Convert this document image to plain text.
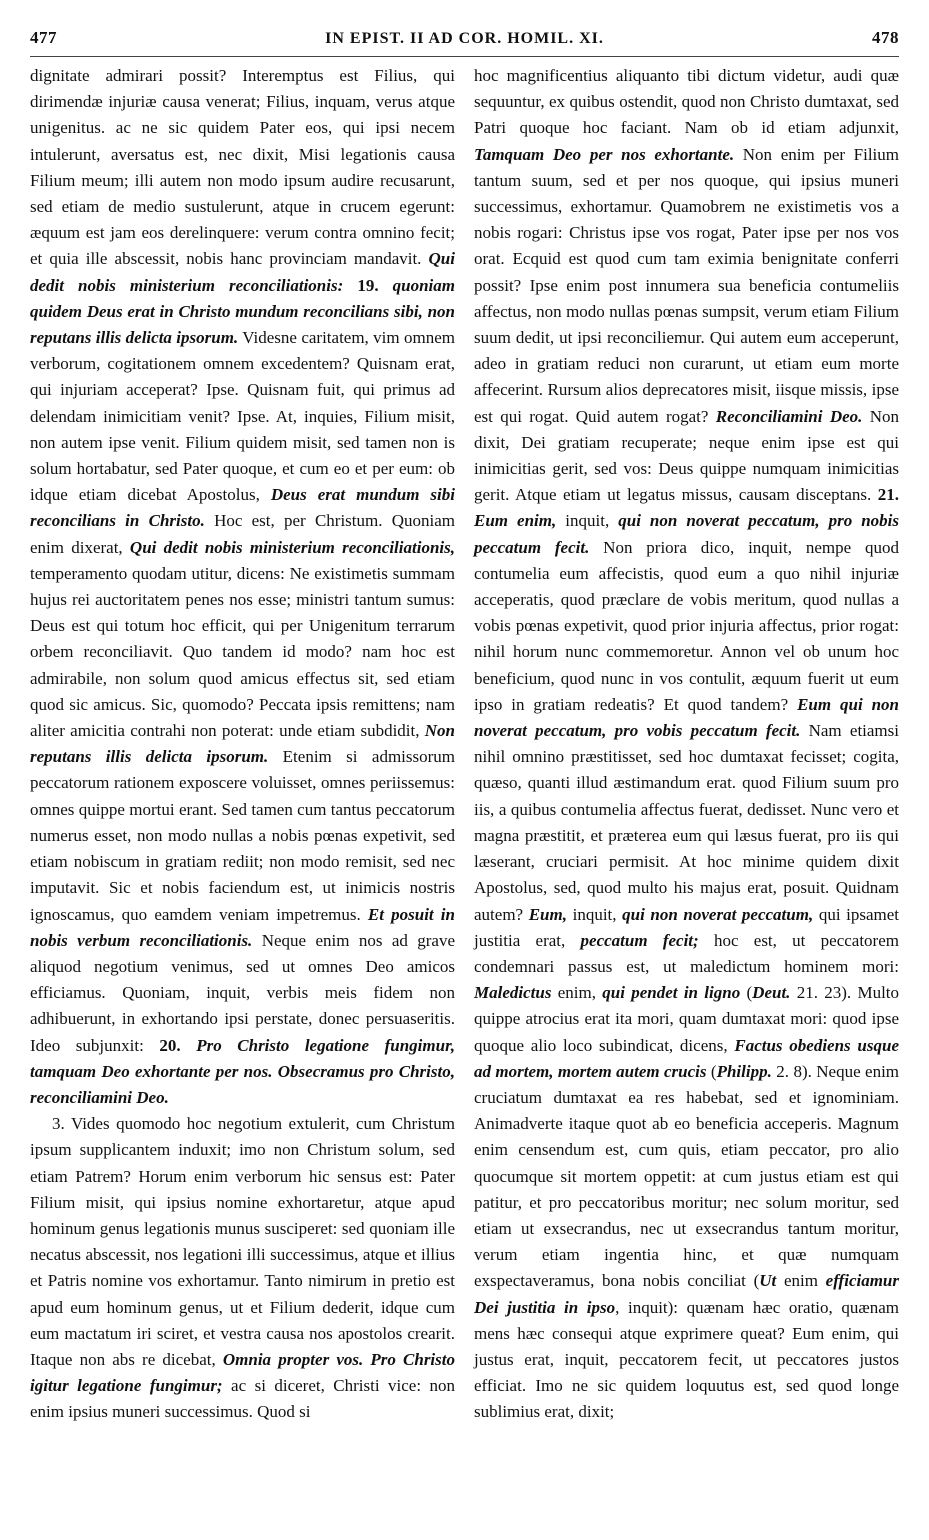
477	IN EPIST. II AD COR. HOMIL. XI.	478

dignitate admirari possit? Interemptus est Filius, qui dirimendæ injuriæ causa venerat; Filius, inquam, verus atque unigenitus. ac ne sic quidem Pater eos, qui ipsi necem intulerunt, aversatus est, nec dixit, Misi legationis causa Filium meum; illi autem non modo ipsum audire recusarunt, sed etiam de medio sustulerunt, atque in crucem egerunt: æquum est jam eos derelinquere: verum contra omnino fecit; et quia ille abscessit, nobis hanc provinciam mandavit. Qui dedit nobis ministerium reconciliationis: 19. quoniam quidem Deus erat in Christo mundum reconcilians sibi, non reputans illis delicta ipsorum. Videsne caritatem, vim omnem verborum, cogitationem omnem excedentem? Quisnam erat, qui injuriam acceperat? Ipse. Quisnam fuit, qui primus ad delendam inimicitiam venit? Ipse. At, inquies, Filium misit, non autem ipse venit. Filium quidem misit, sed tamen non is solum hortabatur, sed Pater quoque, et cum eo et per eum: ob idque etiam dicebat Apostolus, Deus erat mundum sibi reconcilians in Christo. Hoc est, per Christum. Quoniam enim dixerat, Qui dedit nobis ministerium reconciliationis, temperamento quodam utitur, dicens: Ne existimetis summam hujus rei auctoritatem penes nos esse; ministri tantum sumus: Deus est qui totum hoc efficit, qui per Unigenitum terrarum orbem reconciliavit. Quo tandem id modo? nam hoc est admirabile, non solum quod amicus effectus sit, sed etiam quod sic amicus. Sic, quomodo? Peccata ipsis remittens; nam aliter amicitia contrahi non poterat: unde etiam subdidit, Non reputans illis delicta ipsorum. Etenim si admissorum peccatorum rationem exposcere voluisset, omnes periissemus: omnes quippe mortui erant. Sed tamen cum tantus peccatorum numerus esset, non modo nullas a nobis pœnas expetivit, sed etiam nobiscum in gratiam rediit; non modo remisit, sed nec imputavit. Sic et nobis faciendum est, ut inimicis nostris ignoscamus, quo eamdem veniam impetremus. Et posuit in nobis verbum reconciliationis. Neque enim nos ad grave aliquod negotium venimus, sed ut omnes Deo amicos efficiamus. Quoniam, inquit, verbis meis fidem non adhibuerunt, in exhortando ipsi perstate, donec persuaseritis. Ideo subjunxit: 20. Pro Christo legatione fungimur, tamquam Deo exhortante per nos. Obsecramus pro Christo, reconciliamini Deo.

3. Vides quomodo hoc negotium extulerit, cum Christum ipsum supplicantem induxit; imo non Christum solum, sed etiam Patrem? Horum enim verborum hic sensus est: Pater Filium misit, qui ipsius nomine exhortaretur, atque apud hominum genus legationis munus susciperet: sed quoniam ille necatus abscessit, nos legationi illi successimus, atque et illius et Patris nomine vos exhortamur. Tanto nimirum in pretio est apud eum hominum genus, ut et Filium dederit, idque cum eum mactatum iri sciret, et vestra causa nos apostolos crearit. Itaque non abs re dicebat, Omnia propter vos. Pro Christo igitur legatione fungimur; ac si diceret, Christi vice: non enim ipsius muneri successimus. Quod si

hoc magnificentius aliquanto tibi dictum videtur, audi quæ sequuntur, ex quibus ostendit, quod non Christo dumtaxat, sed Patri quoque hoc faciant. Nam ob id etiam adjunxit, Tamquam Deo per nos exhortante. Non enim per Filium tantum suum, sed et per nos quoque, qui ipsius muneri successimus, exhortamur. Quamobrem ne existimetis vos a nobis rogari: Christus ipse vos rogat, Pater ipse per nos vos orat. Ecquid est quod cum tam eximia benignitate conferri possit? Ipse enim post innumera sua beneficia contumeliis affectus, non modo nullas pœnas sumpsit, verum etiam Filium suum dedit, ut ipsi reconciliemur. Qui autem eum acceperunt, adeo in gratiam reduci non curarunt, ut etiam eum morte affecerint. Rursum alios deprecatores misit, iisque missis, ipse est qui rogat. Quid autem rogat? Reconciliamini Deo. Non dixit, Dei gratiam recuperate; neque enim ipse est qui inimicitias gerit, sed vos: Deus quippe numquam inimicitias gerit. Atque etiam ut legatus missus, causam disceptans. 21. Eum enim, inquit, qui non noverat peccatum, pro nobis peccatum fecit. Non priora dico, inquit, nempe quod contumelia eum affecistis, quod eum a quo nihil injuriæ acceperatis, quod præclare de vobis meritum, quod nullas a vobis pœnas expetivit, quod prior injuria affectus, prior rogat: nihil horum nunc commemoretur. Annon vel ob unum hoc beneficium, quod nunc in vos contulit, æquum fuerit ut eum ipso in gratiam redeatis? Et quod tandem? Eum qui non noverat peccatum, pro vobis peccatum fecit. Nam etiamsi nihil omnino præstitisset, sed hoc dumtaxat fecisset; cogita, quæso, quanti illud æstimandum erat. quod Filium suum pro iis, a quibus contumelia affectus fuerat, dedisset. Nunc vero et magna præstitit, et præterea eum qui læsus fuerat, pro iis qui læserant, cruciari permisit. At hoc minime quidem dixit Apostolus, sed, quod multo his majus erat, posuit. Quidnam autem? Eum, inquit, qui non noverat peccatum, qui ipsamet justitia erat, peccatum fecit; hoc est, ut peccatorem condemnari passus est, ut maledictum hominem mori: Maledictus enim, qui pendet in ligno (Deut. 21. 23). Multo quippe atrocius erat ita mori, quam dumtaxat mori: quod ipse quoque alio loco subindicat, dicens, Factus obediens usque ad mortem, mortem autem crucis (Philipp. 2. 8). Neque enim cruciatum dumtaxat ea res habebat, sed et ignominiam. Animadverte itaque quot ab eo beneficia acceperis. Magnum enim censendum est, cum quis, etiam peccator, pro alio quocumque sit mortem oppetit: at cum justus etiam est qui patitur, et pro peccatoribus moritur; nec solum moritur, sed etiam ut exsecrandus, nec ut exsecrandus tantum moritur, verum etiam ingentia hinc, et quæ numquam exspectaveramus, bona nobis conciliat (Ut enim efficiamur Dei justitia in ipso, inquit): quænam hæc oratio, quænam mens hæc consequi atque exprimere queat? Eum enim, qui justus erat, inquit, peccatorem fecit, ut peccatores justos efficiat. Imo ne sic quidem loquutus est, sed quod longe sublimius erat, dixit;
